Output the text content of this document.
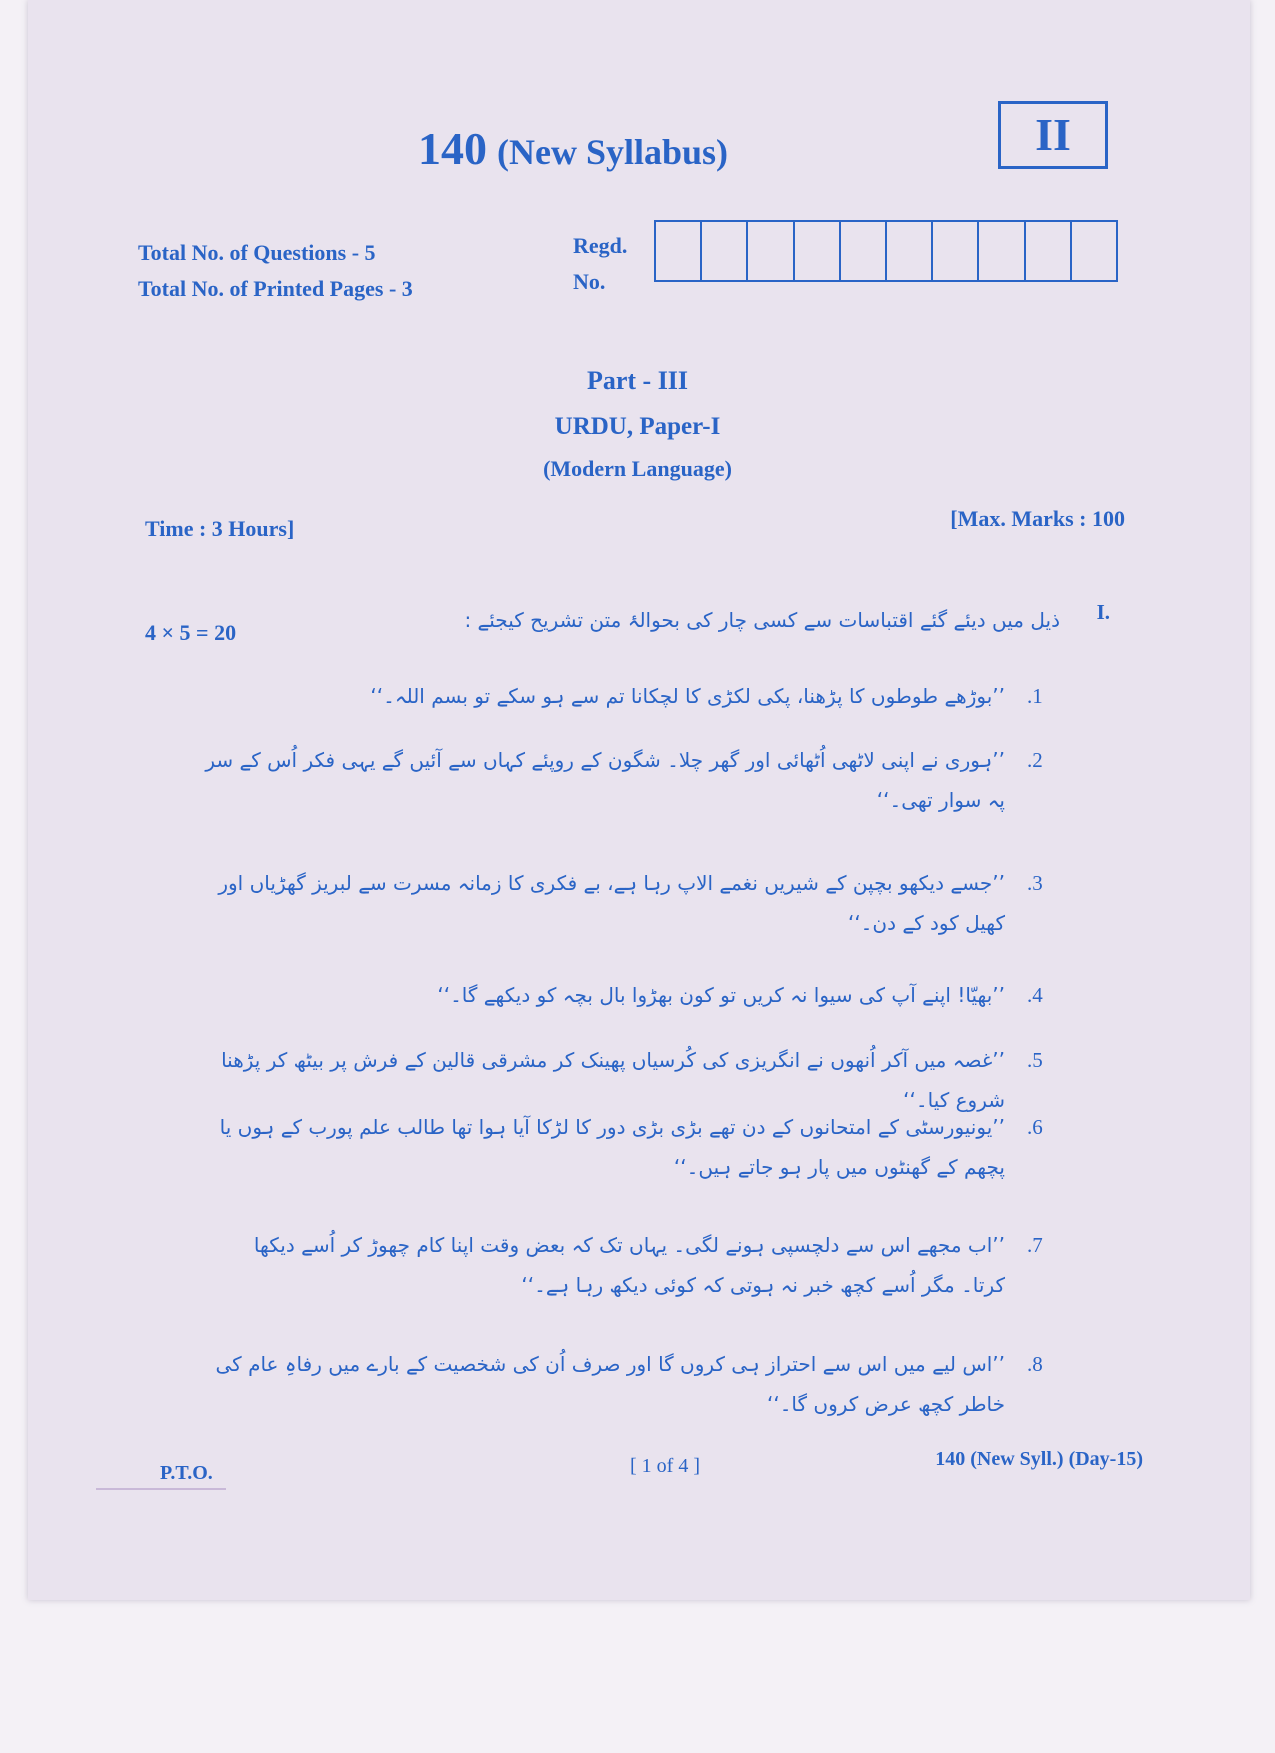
140 (New Syllabus)	II
Total No. of Questions - 5
Total No. of Printed Pages - 3
Regd.
No.
Part - III
URDU, Paper-I
(Modern Language)
Time : 3 Hours]	[Max. Marks : 100
4 × 5 = 20
I.
ذیل میں دیئے گئے اقتباسات سے کسی چار کی بحوالۂ متن تشریح کیجئے :
1.
’’بوڑھے طوطوں کا پڑھنا، پکی لکڑی کا لچکانا تم سے ہو سکے تو بسم اللہ۔‘‘
2.
’’ہوری نے اپنی لاٹھی اُٹھائی اور گھر چلا۔ شگون کے روپئے کہاں سے آئیں گے یہی فکر اُس کے سر پہ سوار تھی۔‘‘
3.
’’جسے دیکھو بچپن کے شیریں نغمے الاپ رہا ہے، بے فکری کا زمانہ مسرت سے لبریز گھڑیاں اور کھیل کود کے دن۔‘‘
4.
’’بھیّا! اپنے آپ کی سیوا نہ کریں تو کون بھڑوا بال بچہ کو دیکھے گا۔‘‘
5.
’’غصہ میں آکر اُنھوں نے انگریزی کی کُرسیاں پھینک کر مشرقی قالین کے فرش پر بیٹھ کر پڑھنا شروع کیا۔‘‘
6.
’’یونیورسٹی کے امتحانوں کے دن تھے بڑی بڑی دور کا لڑکا آیا ہوا تھا طالب علم پورب کے ہوں یا پچھم کے گھنٹوں میں پار ہو جاتے ہیں۔‘‘
7.
’’اب مجھے اس سے دلچسپی ہونے لگی۔ یہاں تک کہ بعض وقت اپنا کام چھوڑ کر اُسے دیکھا کرتا۔ مگر اُسے کچھ خبر نہ ہوتی کہ کوئی دیکھ رہا ہے۔‘‘
8.
’’اس لیے میں اس سے احتراز ہی کروں گا اور صرف اُن کی شخصیت کے بارے میں رفاہِ عام کی خاطر کچھ عرض کروں گا۔‘‘
P.T.O.	[ 1 of 4 ]	140 (New Syll.) (Day-15)
